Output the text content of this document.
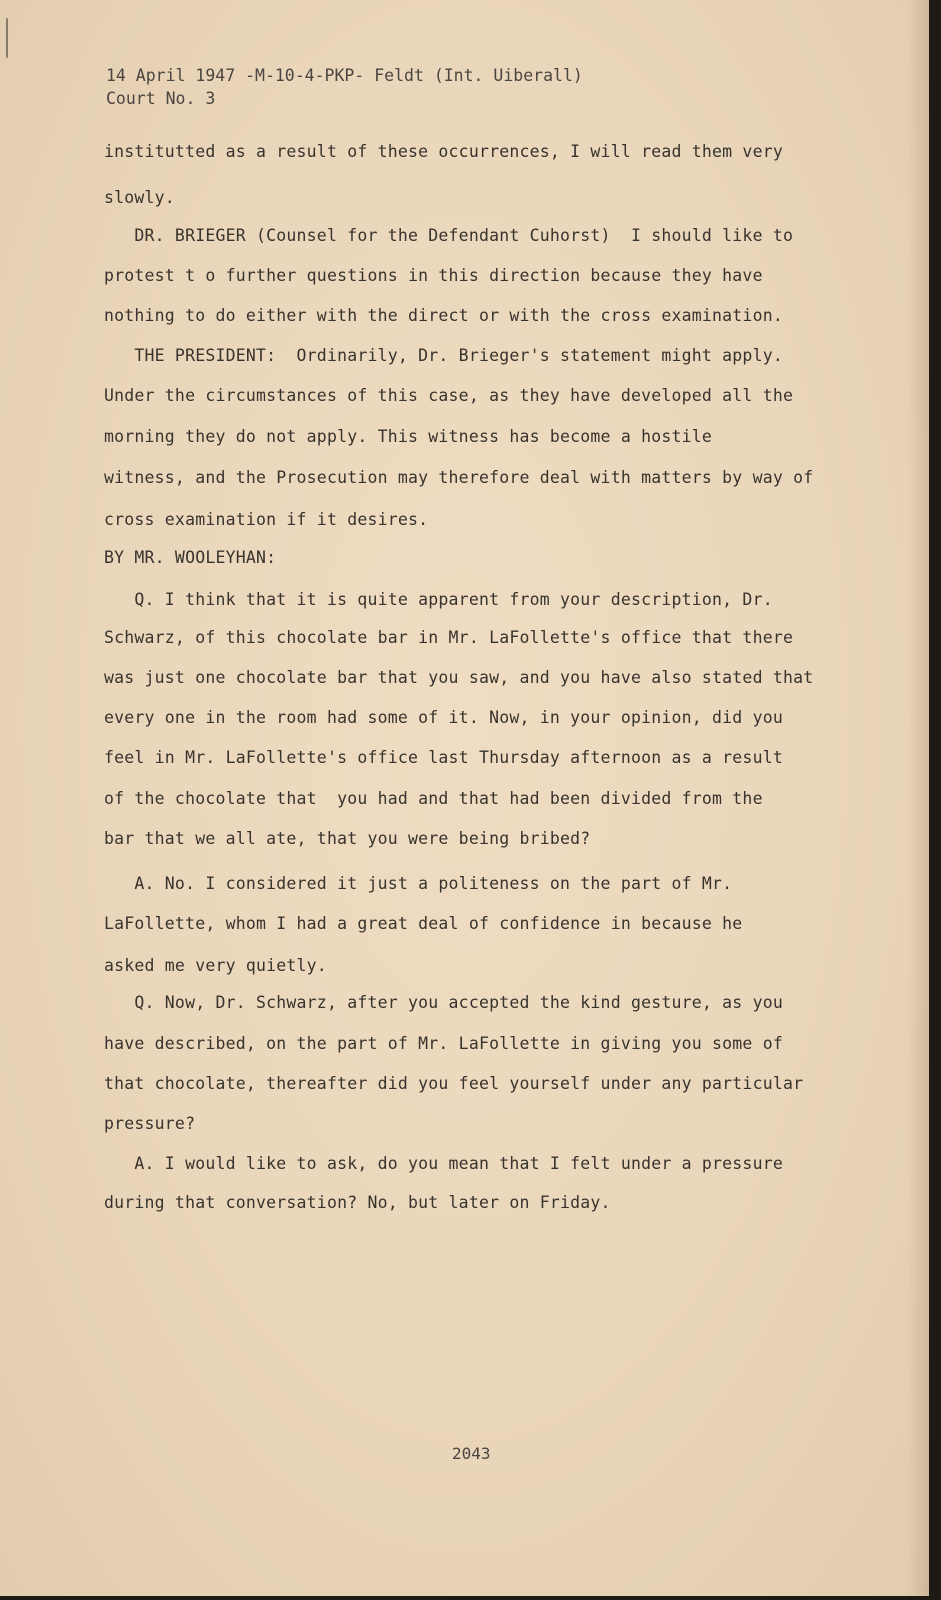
14 April 1947 -M-10-4-PKP- Feldt (Int. Uiberall)
Court No. 3
institutted as a result of these occurrences, I will read them very
slowly.
DR. BRIEGER (Counsel for the Defendant Cuhorst)  I should like to
protest t o further questions in this direction because they have
nothing to do either with the direct or with the cross examination.
THE PRESIDENT:  Ordinarily, Dr. Brieger's statement might apply.
Under the circumstances of this case, as they have developed all the
morning they do not apply. This witness has become a hostile
witness, and the Prosecution may therefore deal with matters by way of
cross examination if it desires.
BY MR. WOOLEYHAN:
Q. I think that it is quite apparent from your description, Dr.
Schwarz, of this chocolate bar in Mr. LaFollette's office that there
was just one chocolate bar that you saw, and you have also stated that
every one in the room had some of it. Now, in your opinion, did you
feel in Mr. LaFollette's office last Thursday afternoon as a result
of the chocolate that  you had and that had been divided from the
bar that we all ate, that you were being bribed?
A. No. I considered it just a politeness on the part of Mr.
LaFollette, whom I had a great deal of confidence in because he
asked me very quietly.
Q. Now, Dr. Schwarz, after you accepted the kind gesture, as you
have described, on the part of Mr. LaFollette in giving you some of
that chocolate, thereafter did you feel yourself under any particular
pressure?
A. I would like to ask, do you mean that I felt under a pressure
during that conversation? No, but later on Friday.
2043
